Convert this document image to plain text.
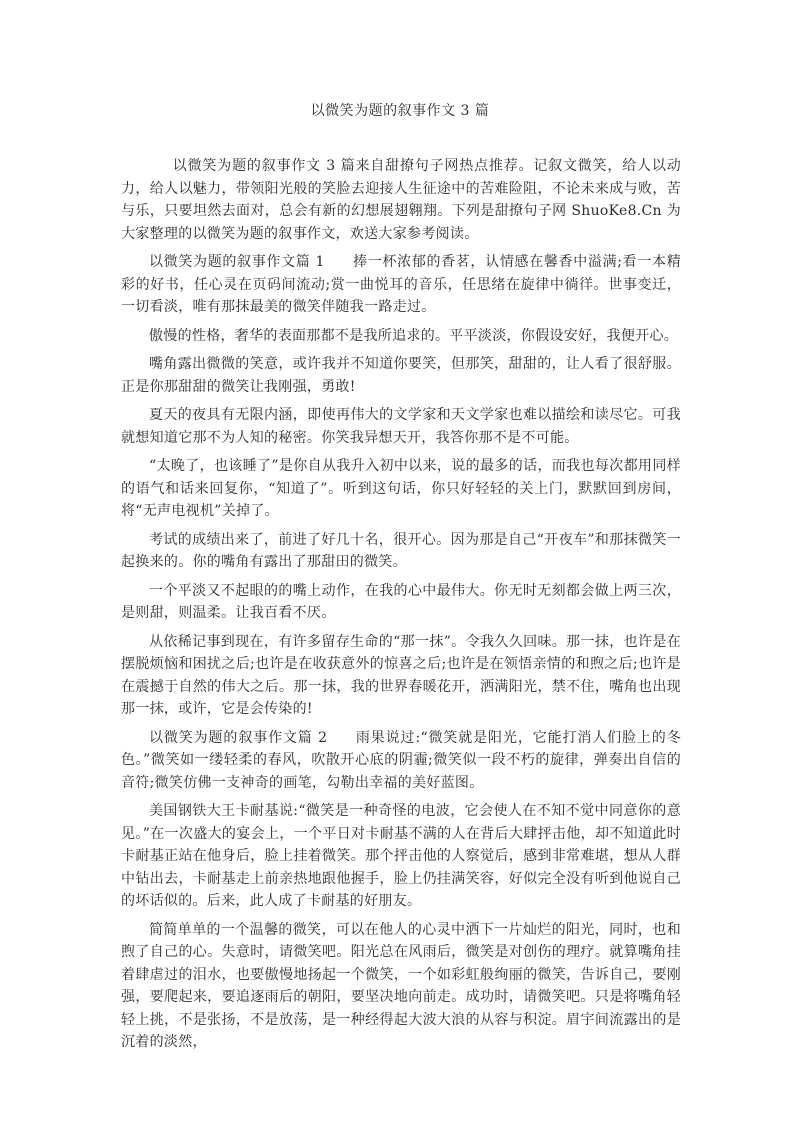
以微笑为题的叙事作文 3 篇

以微笑为题的叙事作文 3 篇来自甜撩句子网热点推荐。记叙文微笑，给人以动力，给人以魅力，带领阳光般的笑脸去迎接人生征途中的苦难险阻，不论未来成与败，苦与乐，只要坦然去面对，总会有新的幻想展翅翱翔。下列是甜撩句子网 ShuoKe8.Cn 为大家整理的以微笑为题的叙事作文，欢送大家参考阅读。

以微笑为题的叙事作文篇 1 捧一杯浓郁的香茗，认情感在馨香中溢满;看一本精彩的好书，任心灵在页码间流动;赏一曲悦耳的音乐，任思绪在旋律中徜徉。世事变迁，一切看淡，唯有那抹最美的微笑伴随我一路走过。

傲慢的性格，奢华的表面那都不是我所追求的。平平淡淡，你假设安好，我便开心。

嘴角露出微微的笑意，或许我并不知道你要笑，但那笑，甜甜的，让人看了很舒服。正是你那甜甜的微笑让我刚强，勇敢!

夏天的夜具有无限内涵，即使再伟大的文学家和天文学家也难以描绘和读尽它。可我就想知道它那不为人知的秘密。你笑我异想天开，我答你那不是不可能。

“太晚了，也该睡了”是你自从我升入初中以来，说的最多的话，而我也每次都用同样的语气和话来回复你，“知道了”。听到这句话，你只好轻轻的关上门，默默回到房间，将“无声电视机”关掉了。

考试的成绩出来了，前进了好几十名，很开心。因为那是自己“开夜车”和那抹微笑一起换来的。你的嘴角有露出了那甜田的微笑。

一个平淡又不起眼的的嘴上动作，在我的心中最伟大。你无时无刻都会做上两三次，是则甜，则温柔。让我百看不厌。

从依稀记事到现在，有许多留存生命的“那一抹”。令我久久回味。那一抹，也许是在摆脱烦恼和困扰之后;也许是在收获意外的惊喜之后;也许是在领悟亲情的和煦之后;也许是在震撼于自然的伟大之后。那一抹，我的世界春暖花开，洒满阳光，禁不住，嘴角也出现那一抹，或许，它是会传染的!

以微笑为题的叙事作文篇 2 雨果说过:“微笑就是阳光，它能打消人们脸上的冬色。”微笑如一缕轻柔的春风，吹散开心底的阴霾;微笑似一段不朽的旋律，弹奏出自信的音符;微笑仿佛一支神奇的画笔，勾勒出幸福的美好蓝图。

美国钢铁大王卡耐基说:“微笑是一种奇怪的电波，它会使人在不知不觉中同意你的意见。”在一次盛大的宴会上，一个平日对卡耐基不满的人在背后大肆抨击他，却不知道此时卡耐基正站在他身后，脸上挂着微笑。那个抨击他的人察觉后，感到非常难堪，想从人群中钻出去，卡耐基走上前亲热地跟他握手，脸上仍挂满笑容，好似完全没有听到他说自己的坏话似的。后来，此人成了卡耐基的好朋友。

简简单单的一个温馨的微笑，可以在他人的心灵中洒下一片灿烂的阳光，同时，也和煦了自己的心。失意时，请微笑吧。阳光总在风雨后，微笑是对创伤的理疗。就算嘴角挂着肆虐过的泪水，也要傲慢地扬起一个微笑，一个如彩虹般绚丽的微笑，告诉自己，要刚强，要爬起来，要追逐雨后的朝阳，要坚决地向前走。成功时，请微笑吧。只是将嘴角轻轻上挑，不是张扬，不是放荡，是一种经得起大波大浪的从容与积淀。眉宇间流露出的是沉着的淡然，
